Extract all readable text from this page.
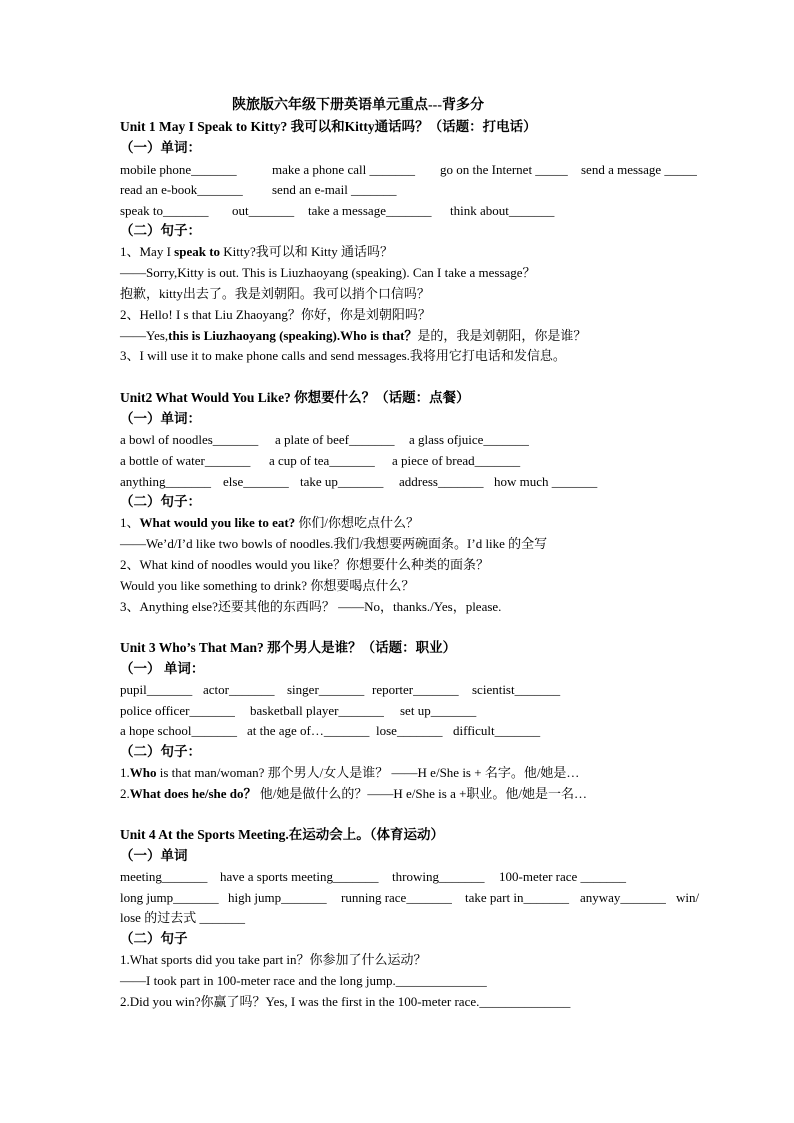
陕旅版六年级下册英语单元重点---背多分
Unit 1 May I Speak to Kitty? 我可以和Kitty通话吗？（话题：打电话）
（一）单词：
mobile phone_______	make a phone call _______ go on the Internet _____ send a message _____
read an e-book_______ send an e-mail _______
speak to_______ out_______ take a message_______ think about_______
（二）句子：
1、May I speak to Kitty?我可以和 Kitty 通话吗？
——Sorry,Kitty is out. This is Liuzhaoyang (speaking). Can I take a message？
抱歉，kitty出去了。我是刘朝阳。我可以捎个口信吗？
2、Hello! I s that Liu Zhaoyang？你好，你是刘朝阳吗？
——Yes,this is Liuzhaoyang (speaking).Who is that？是的，我是刘朝阳，你是谁？
3、I will use it to make phone calls and send messages.我将用它打电话和发信息。
Unit2 What Would You Like? 你想要什么？（话题：点餐）
（一）单词：
a bowl of noodles_______ a plate of beef_______ a glass ofjuice_______
a bottle of water_______ a cup of tea_______ a piece of bread_______
anything_______ else_______ take up_______ address_______ how much _______
（二）句子：
1、What would you like to eat? 你们/你想吃点什么？
——We’d/I’d like two bowls of noodles.我们/我想要两碗面条。I’d like 的全写
2、What kind of noodles would you like？你想要什么种类的面条？
Would you like something to drink? 你想要喝点什么？
3、Anything else?还要其他的东西吗？ ——No，thanks./Yes，please.
Unit 3 Who’s That Man? 那个男人是谁？（话题：职业）
（一） 单词：
pupil_______ actor_______ singer_______ reporter_______ scientist_______
police officer_______ basketball player_______ set up_______
a hope school_______ at the age of…_______ lose_______ difficult_______
（二）句子：
1.Who is that man/woman? 那个男人/女人是谁？ ——H e/She is + 名字。他/她是…
2.What does he/she do？ 他/她是做什么的？——H e/She is a +职业。他/她是一名…
Unit 4 At the Sports Meeting.在运动会上。（体育运动）
（一）单词
meeting_______ have a sports meeting_______ throwing_______ 100-meter race _______
long jump_______ high jump_______ running race_______ take part in_______ anyway_______ win/
lose 的过去式 _______
（二）句子
1.What sports did you take part in？你参加了什么运动？
——I took part in 100-meter race and the long jump.______________
2.Did you win?你赢了吗？Yes, I was the first in the 100-meter race.______________
